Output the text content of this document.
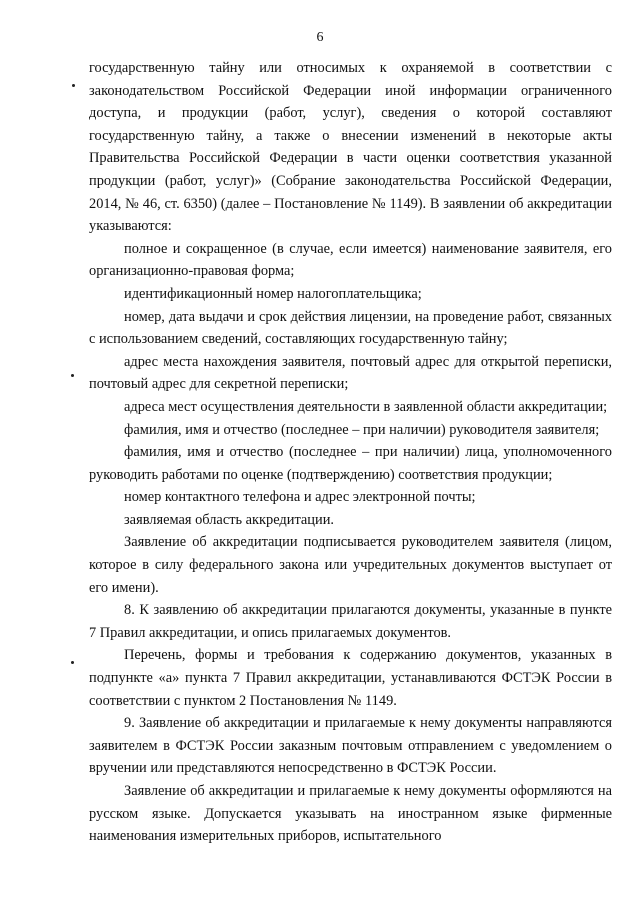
6

государственную тайну или относимых к охраняемой в соответствии с законодательством Российской Федерации иной информации ограниченного доступа, и продукции (работ, услуг), сведения о которой составляют государственную тайну, а также о внесении изменений в некоторые акты Правительства Российской Федерации в части оценки соответствия указанной продукции (работ, услуг)» (Собрание законодательства Российской Федерации, 2014, № 46, ст. 6350) (далее – Постановление № 1149). В заявлении об аккредитации указываются:

полное и сокращенное (в случае, если имеется) наименование заявителя, его организационно-правовая форма;

идентификационный номер налогоплательщика;

номер, дата выдачи и срок действия лицензии, на проведение работ, связанных с использованием сведений, составляющих государственную тайну;

адрес места нахождения заявителя, почтовый адрес для открытой переписки, почтовый адрес для секретной переписки;

адреса мест осуществления деятельности в заявленной области аккредитации;

фамилия, имя и отчество (последнее – при наличии) руководителя заявителя;

фамилия, имя и отчество (последнее – при наличии) лица, уполномоченного руководить работами по оценке (подтверждению) соответствия продукции;

номер контактного телефона и адрес электронной почты;

заявляемая область аккредитации.

Заявление об аккредитации подписывается руководителем заявителя (лицом, которое в силу федерального закона или учредительных документов выступает от его имени).

8. К заявлению об аккредитации прилагаются документы, указанные в пункте 7 Правил аккредитации, и опись прилагаемых документов.

Перечень, формы и требования к содержанию документов, указанных в подпункте «а» пункта 7 Правил аккредитации, устанавливаются ФСТЭК России в соответствии с пунктом 2 Постановления № 1149.

9. Заявление об аккредитации и прилагаемые к нему документы направляются заявителем в ФСТЭК России заказным почтовым отправлением с уведомлением о вручении или представляются непосредственно в ФСТЭК России.

Заявление об аккредитации и прилагаемые к нему документы оформляются на русском языке. Допускается указывать на иностранном языке фирменные наименования измерительных приборов, испытательного
